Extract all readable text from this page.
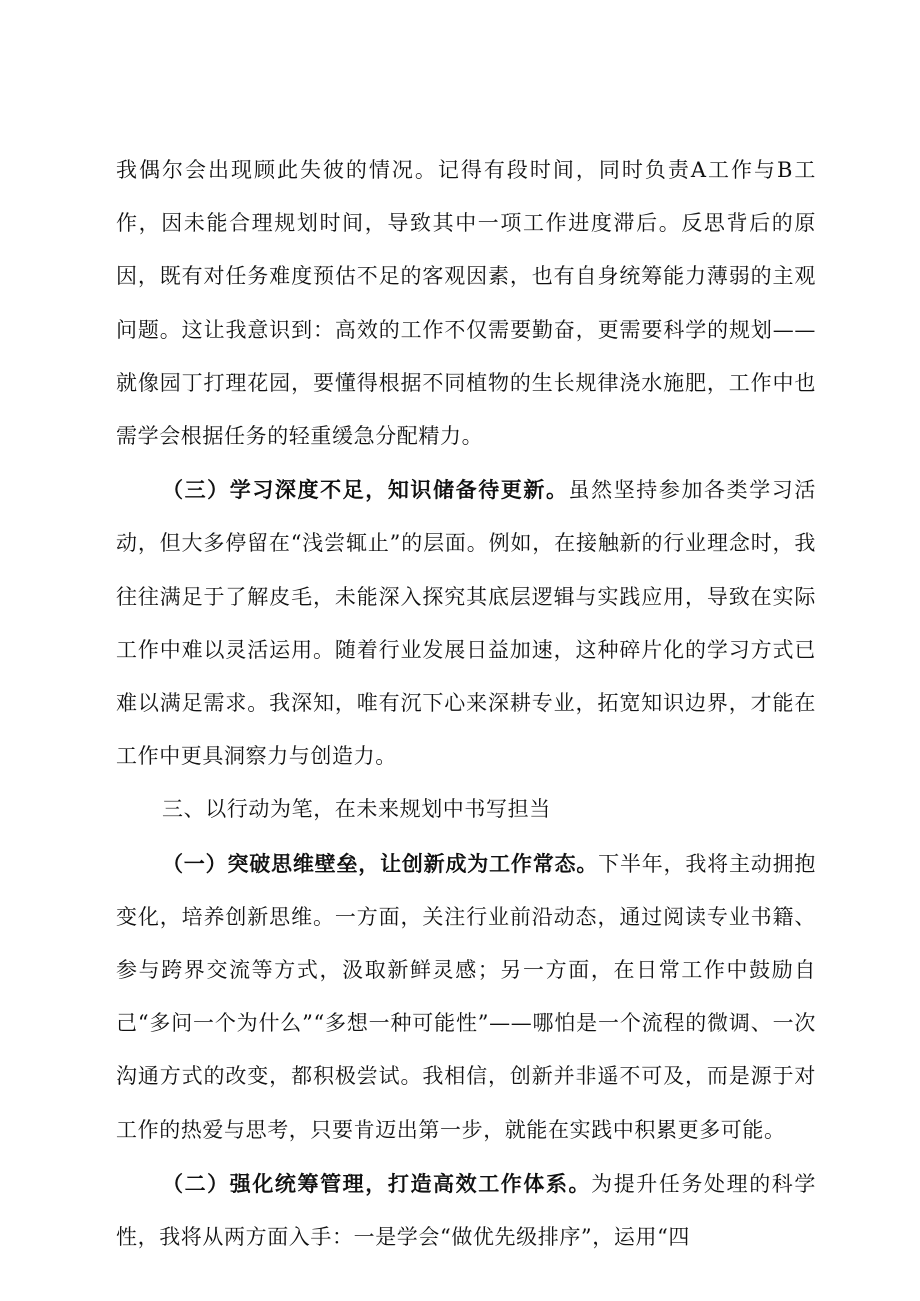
我偶尔会出现顾此失彼的情况。记得有段时间，同时负责A工作与B工作，因未能合理规划时间，导致其中一项工作进度滞后。反思背后的原因，既有对任务难度预估不足的客观因素，也有自身统筹能力薄弱的主观问题。这让我意识到：高效的工作不仅需要勤奋，更需要科学的规划——就像园丁打理花园，要懂得根据不同植物的生长规律浇水施肥，工作中也需学会根据任务的轻重缓急分配精力。

（三）学习深度不足，知识储备待更新。虽然坚持参加各类学习活动，但大多停留在“浅尝辄止”的层面。例如，在接触新的行业理念时，我往往满足于了解皮毛，未能深入探究其底层逻辑与实践应用，导致在实际工作中难以灵活运用。随着行业发展日益加速，这种碎片化的学习方式已难以满足需求。我深知，唯有沉下心来深耕专业，拓宽知识边界，才能在工作中更具洞察力与创造力。

三、以行动为笔，在未来规划中书写担当

（一）突破思维壁垒，让创新成为工作常态。下半年，我将主动拥抱变化，培养创新思维。一方面，关注行业前沿动态，通过阅读专业书籍、参与跨界交流等方式，汲取新鲜灵感；另一方面，在日常工作中鼓励自己“多问一个为什么”“多想一种可能性”——哪怕是一个流程的微调、一次沟通方式的改变，都积极尝试。我相信，创新并非遥不可及，而是源于对工作的热爱与思考，只要肯迈出第一步，就能在实践中积累更多可能。

（二）强化统筹管理，打造高效工作体系。为提升任务处理的科学性，我将从两方面入手：一是学会“做优先级排序”，运用“四
